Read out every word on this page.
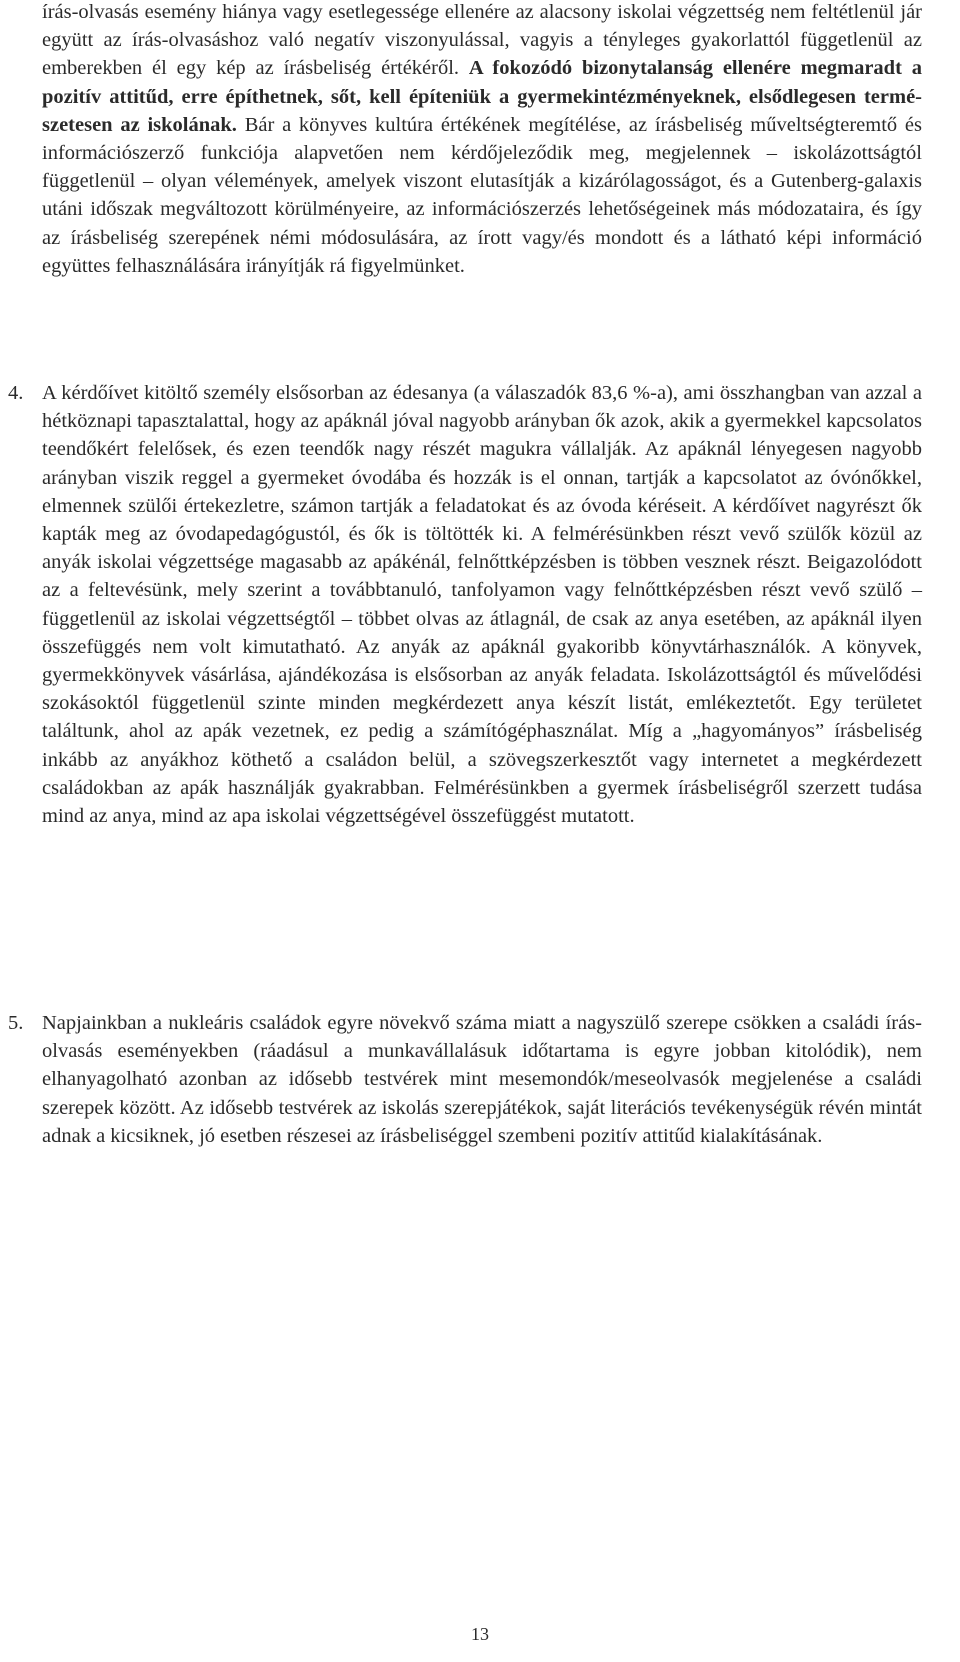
írás-olvasás esemény hiánya vagy esetlegessége ellenére az alacsony iskolai végzettség nem feltétlenül jár együtt az írás-olvasáshoz való negatív viszonyulással, vagyis a tényleges gyakorlattól függetlenül az emberekben él egy kép az írásbeliség értékéről. A fokozódó bizonytalanság ellenére megmaradt a pozitív attitűd, erre építhetnek, sőt, kell építeniük a gyermekintézményeknek, elsődlegesen természetesen az iskolának. Bár a könyves kultúra értékének megítélése, az írásbeliség műveltségteremtő és információszerző funkciója alapvetően nem kérdőjeleződik meg, megjelennek – iskolázottságtól függetlenül – olyan vélemények, amelyek viszont elutasítják a kizárólagosságot, és a Gutenberg-galaxis utáni időszak megváltozott körülményeire, az információszerzés lehetőségeinek más módozataira, és így az írásbeliség szerepének némi módosulására, az írott vagy/és mondott és a látható képi információ együttes felhasználására irányítják rá figyelmünket.

4. A kérdőívet kitöltő személy elsősorban az édesanya (a válaszadók 83,6 %-a), ami összhangban van azzal a hétköznapi tapasztalattal, hogy az apáknál jóval nagyobb arányban ők azok, akik a gyermekkel kapcsolatos teendőkért felelősek, és ezen teendők nagy részét magukra vállalják. Az apáknál lényegesen nagyobb arányban viszik reggel a gyermeket óvodába és hozzák is el onnan, tartják a kapcsolatot az óvónőkkel, elmennek szülői értekezletre, számon tartják a feladatokat és az óvoda kéréseit. A kérdőívet nagyrészt ők kapták meg az óvodapedagógustól, és ők is töltötték ki. A felmérésünkben részt vevő szülők közül az anyák iskolai végzettsége magasabb az apákénál, felnőttképzésben is többen vesznek részt. Beigazolódott az a feltevésünk, mely szerint a továbbtanuló, tanfolyamon vagy felnőttképzésben részt vevő szülő – függetlenül az iskolai végzettségtől – többet olvas az átlagnál, de csak az anya esetében, az apáknál ilyen összefüggés nem volt kimutatható. Az anyák az apáknál gyakoribb könyvtárhasználók. A könyvek, gyermekkönyvek vásárlása, ajándékozása is elsősorban az anyák feladata. Iskolázottságtól és művelődési szokásoktól függetlenül szinte minden megkérdezett anya készít listát, emlékeztetőt. Egy területet találtunk, ahol az apák vezetnek, ez pedig a számítógéphasználat. Míg a „hagyományos” írásbeliség inkább az anyákhoz köthető a családon belül, a szövegszerkesztőt vagy internetet a megkérdezett családokban az apák használják gyakrabban. Felmérésünkben a gyermek írásbeliségről szerzett tudása mind az anya, mind az apa iskolai végzettségével összefüggést mutatott.

5. Napjainkban a nukleáris családok egyre növekvő száma miatt a nagyszülő szerepe csökken a családi írás-olvasás eseményekben (ráadásul a munkavállalásuk időtartama is egyre jobban kitolódik), nem elhanyagolható azonban az idősebb testvérek mint mesemondók/meseolvasók megjelenése a családi szerepek között. Az idősebb testvérek az iskolás szerepjátékok, saját literációs tevékenységük révén mintát adnak a kicsiknek, jó esetben részesei az írásbeliséggel szembeni pozitív attitűd kialakításának.

13
